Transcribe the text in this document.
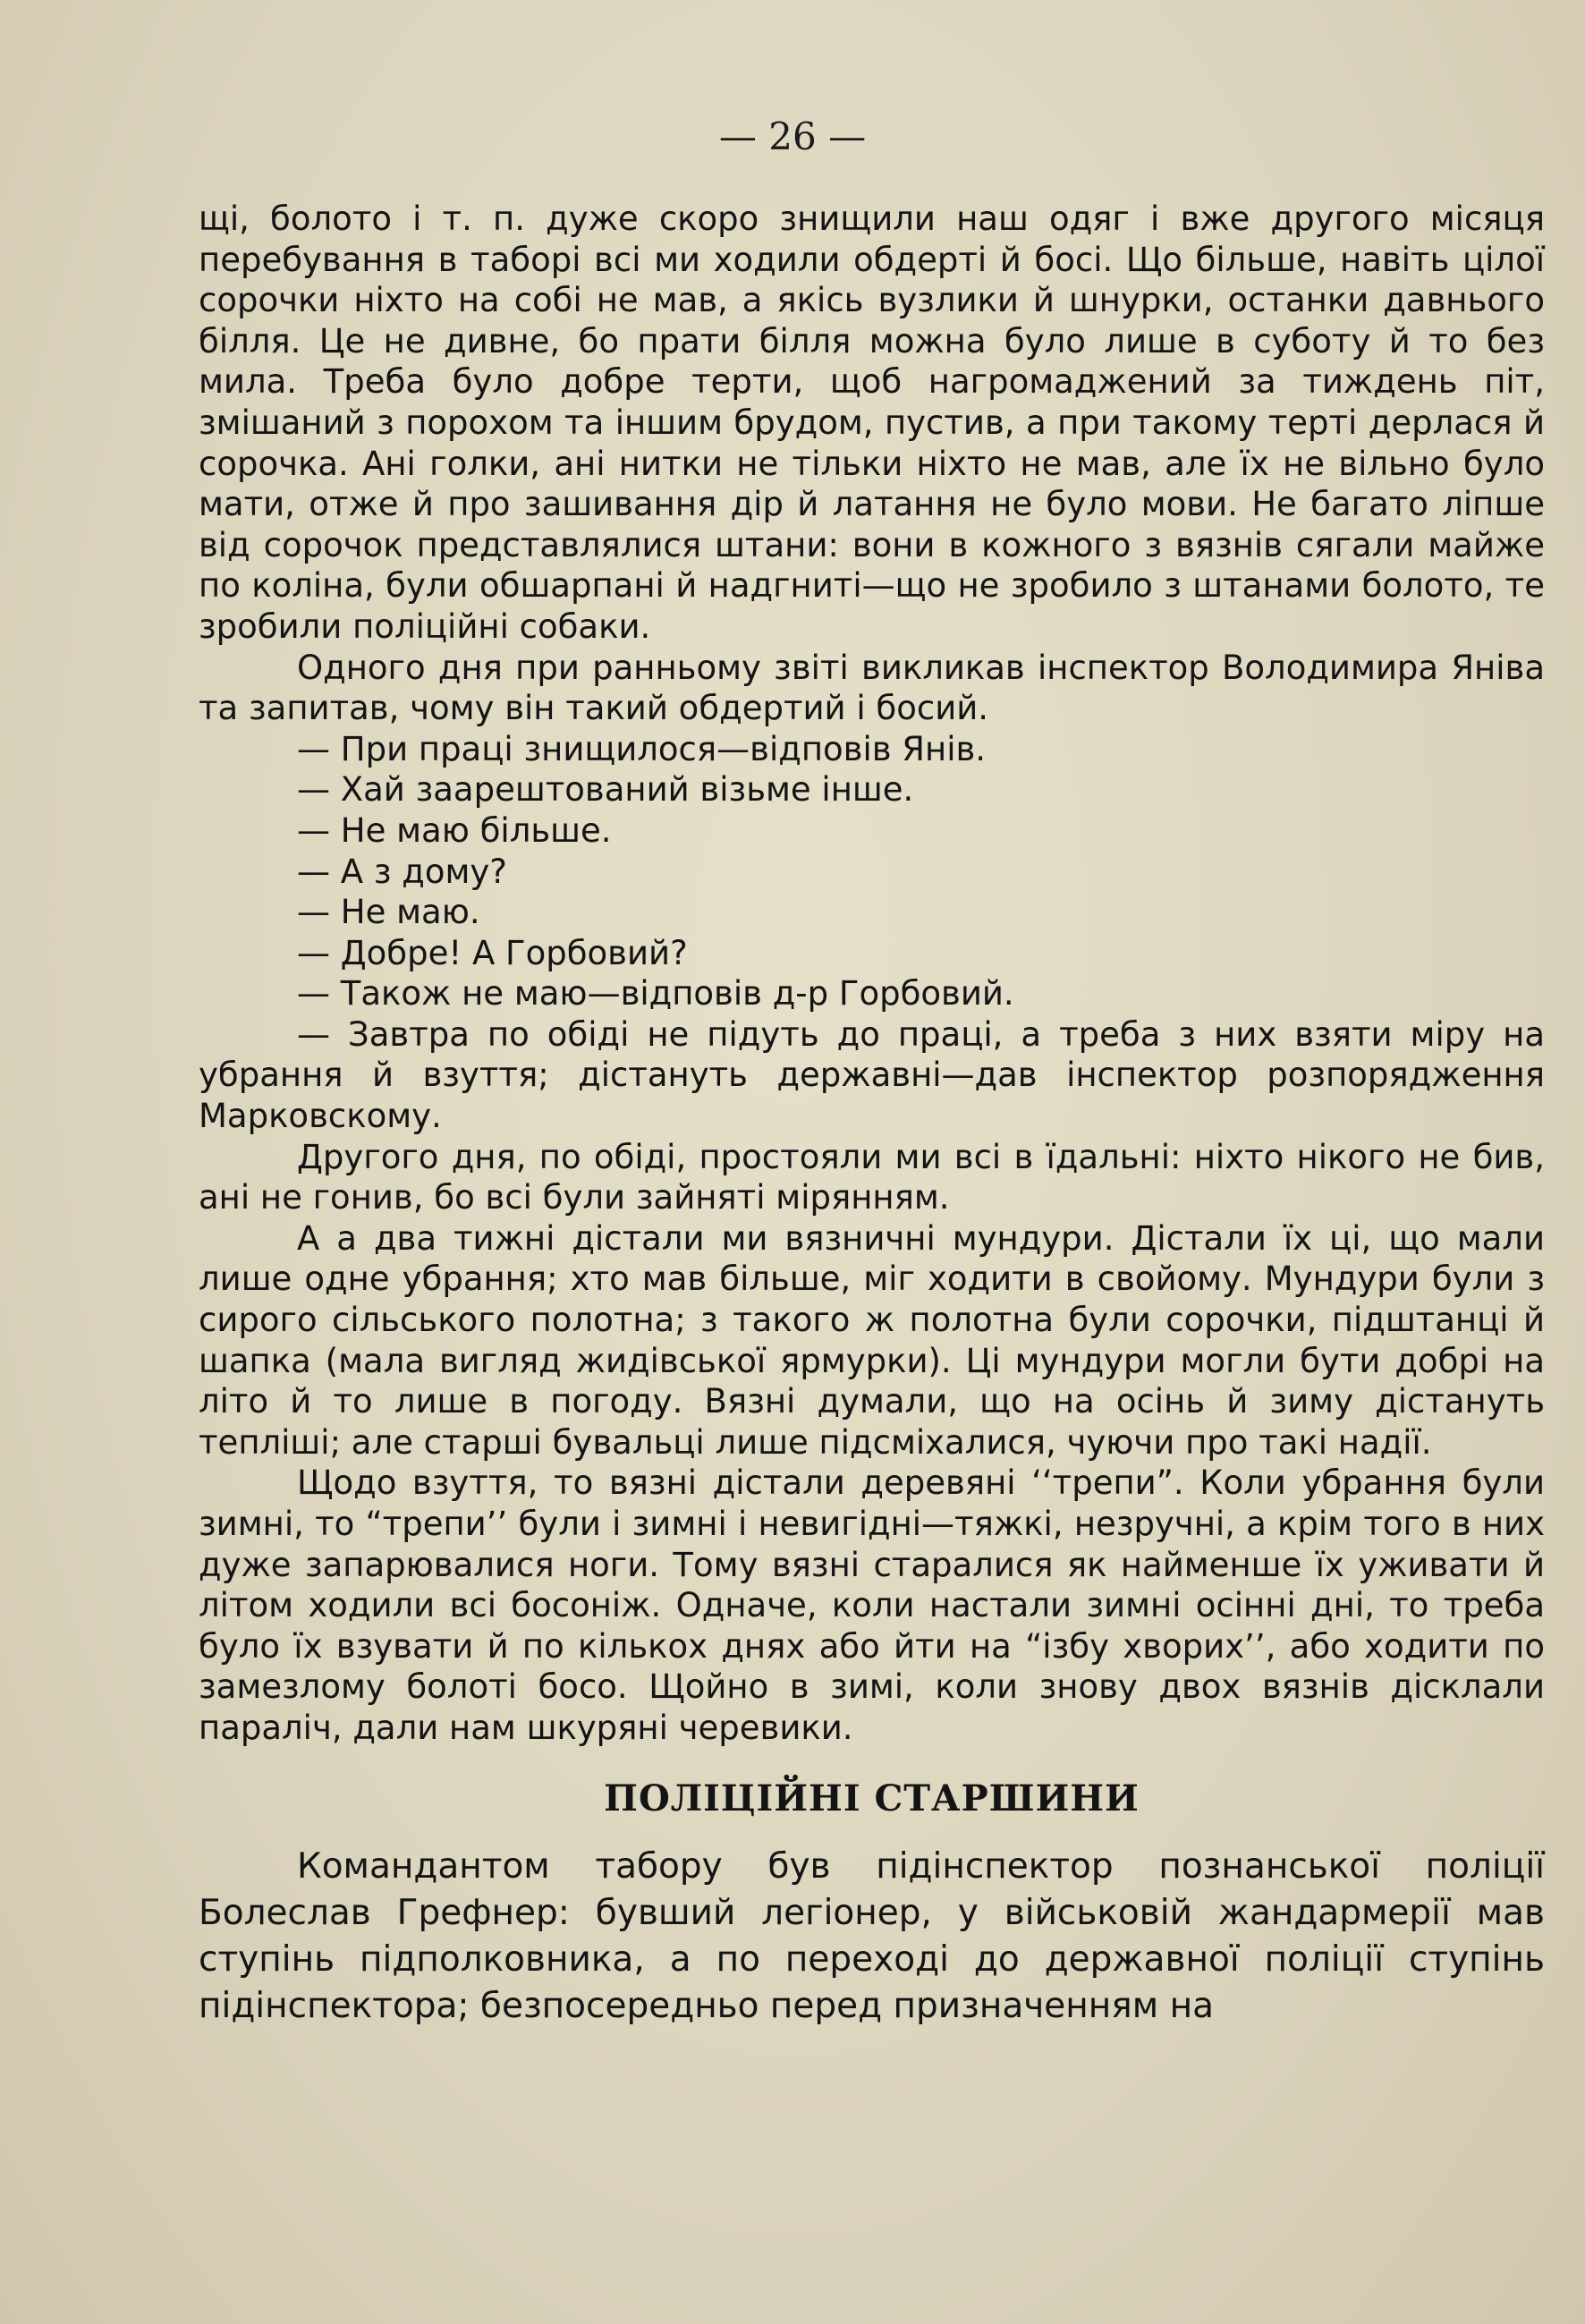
— 26 —

щі, болото і т. п. дуже скоро знищили наш одяг і вже другого місяця перебування в таборі всі ми ходили обдерті й босі. Що більше, навіть цілої сорочки ніхто на собі не мав, а якісь вузлики й шнурки, останки давнього білля. Це не дивне, бо прати білля можна було лише в суботу й то без мила. Треба було добре терти, щоб нагромаджений за тиждень піт, змішаний з порохом та іншим брудом, пустив, а при такому терті дерлася й сорочка. Ані голки, ані нитки не тільки ніхто не мав, але їх не вільно було мати, отже й про зашивання дір й латання не було мови. Не багато ліпше від сорочок представлялися штани: вони в кожного з вязнів сягали майже по коліна, були обшарпані й надгниті—що не зробило з штанами болото, те зробили поліційні собаки.

Одного дня при ранньому звіті викликав інспектор Володимира Яніва та запитав, чому він такий обдертий і босий.

— При праці знищилося—відповів Янів.

— Хай заарештований візьме інше.

— Не маю більше.

— А з дому?

— Не маю.

— Добре! А Горбовий?

— Також не маю—відповів д-р Горбовий.

— Завтра по обіді не підуть до праці, а треба з них взяти міру на убрання й взуття; дістануть державні—дав інспектор розпорядження Марковскому.

Другого дня, по обіді, простояли ми всі в їдальні: ніхто нікого не бив, ані не гонив, бо всі були зайняті мірянням.

А а два тижні дістали ми вязничні мундури. Дістали їх ці, що мали лише одне убрання; хто мав більше, міг ходити в свойому. Мундури були з сирого сільського полотна; з такого ж полотна були сорочки, підштанці й шапка (мала вигляд жидівської ярмурки). Ці мундури могли бути добрі на літо й то лише в погоду. Вязні думали, що на осінь й зиму дістануть тепліші; але старші бувальці лише підсміхалися, чуючи про такі надії.

Щодо взуття, то вязні дістали деревяні ‘‘трепи”. Коли убрання були зимні, то “трепи’’ були і зимні і невигідні—тяжкі, незручні, а крім того в них дуже запарювалися ноги. Тому вязні старалися як найменше їх уживати й літом ходили всі боcоніж. Одначе, коли настали зимні осінні дні, то треба було їх взувати й по кількох днях або йти на “ізбу хворих’’, або ходити по замезлому болоті босо. Щойно в зимі, коли знову двох вязнів дісклали параліч, дали нам шкуряні черевики.

ПОЛІЦІЙНІ СТАРШИНИ

Командантом табору був підінспектор познанської поліції Болеслав Грефнер: бувший легіонер, у військовій жандармерії мав ступінь підполковника, а по переході до державної поліції ступінь підінспектора; безпосередньо перед призначенням на
